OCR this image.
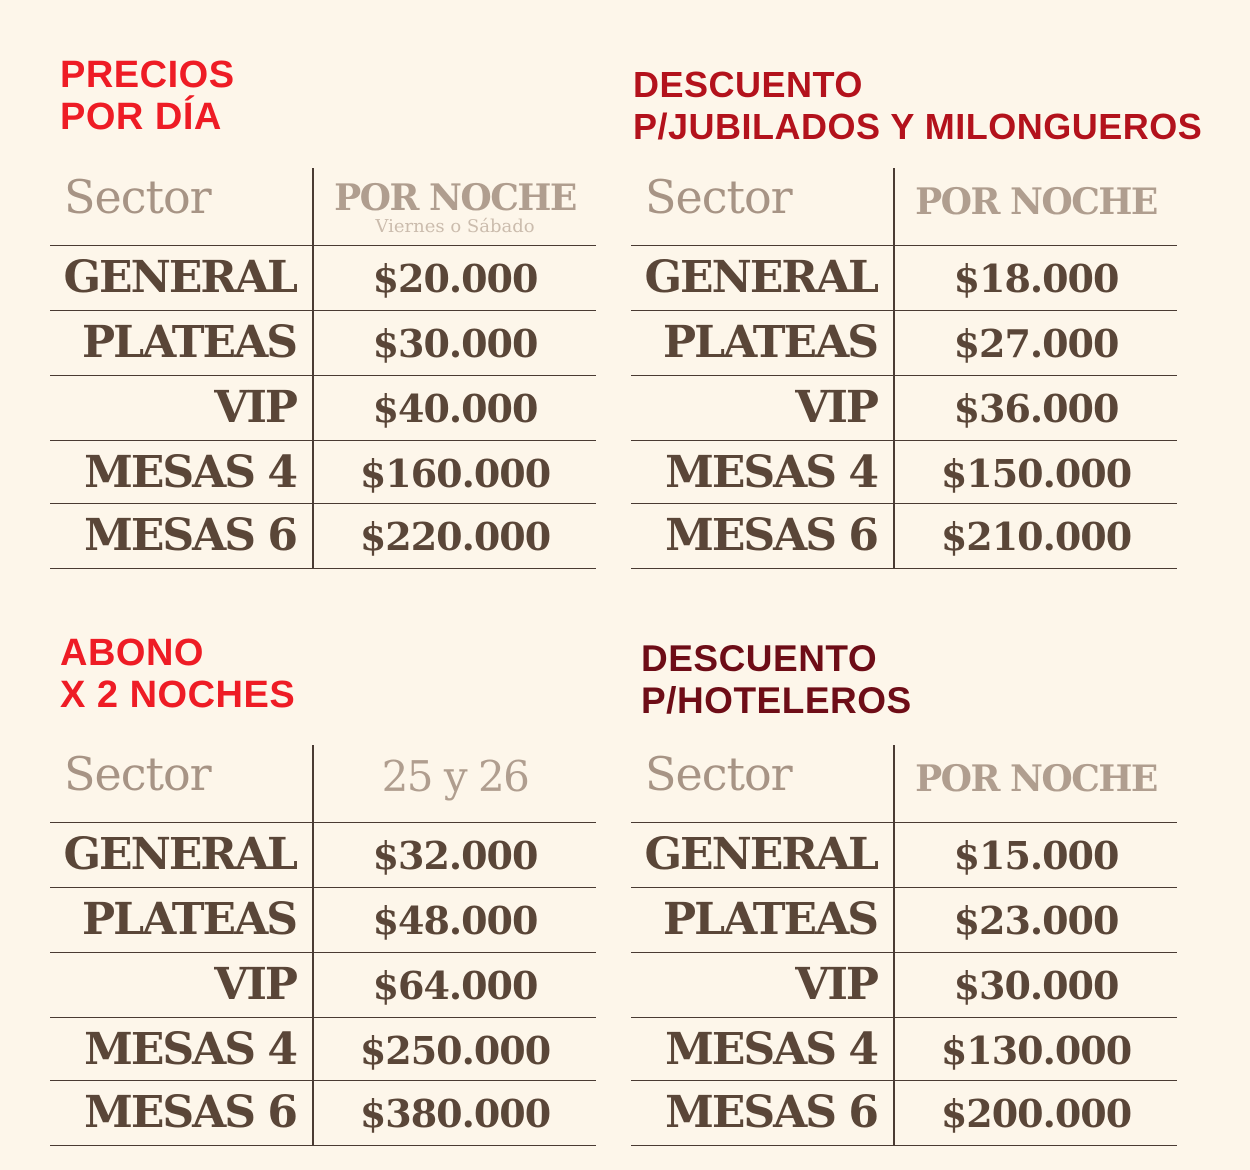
PRECIOS
POR DÍA
Sector	POR NOCHE
Viernes o Sábado
GENERAL	$20.000
PLATEAS	$30.000
VIP	$40.000
MESAS 4	$160.000
MESAS 6	$220.000
DESCUENTO
P/JUBILADOS Y MILONGUEROS
Sector	POR NOCHE
GENERAL	$18.000
PLATEAS	$27.000
VIP	$36.000
MESAS 4	$150.000
MESAS 6	$210.000
ABONO
X 2 NOCHES
Sector	25 y 26
GENERAL	$32.000
PLATEAS	$48.000
VIP	$64.000
MESAS 4	$250.000
MESAS 6	$380.000
DESCUENTO
P/HOTELEROS
Sector	POR NOCHE
GENERAL	$15.000
PLATEAS	$23.000
VIP	$30.000
MESAS 4	$130.000
MESAS 6	$200.000
